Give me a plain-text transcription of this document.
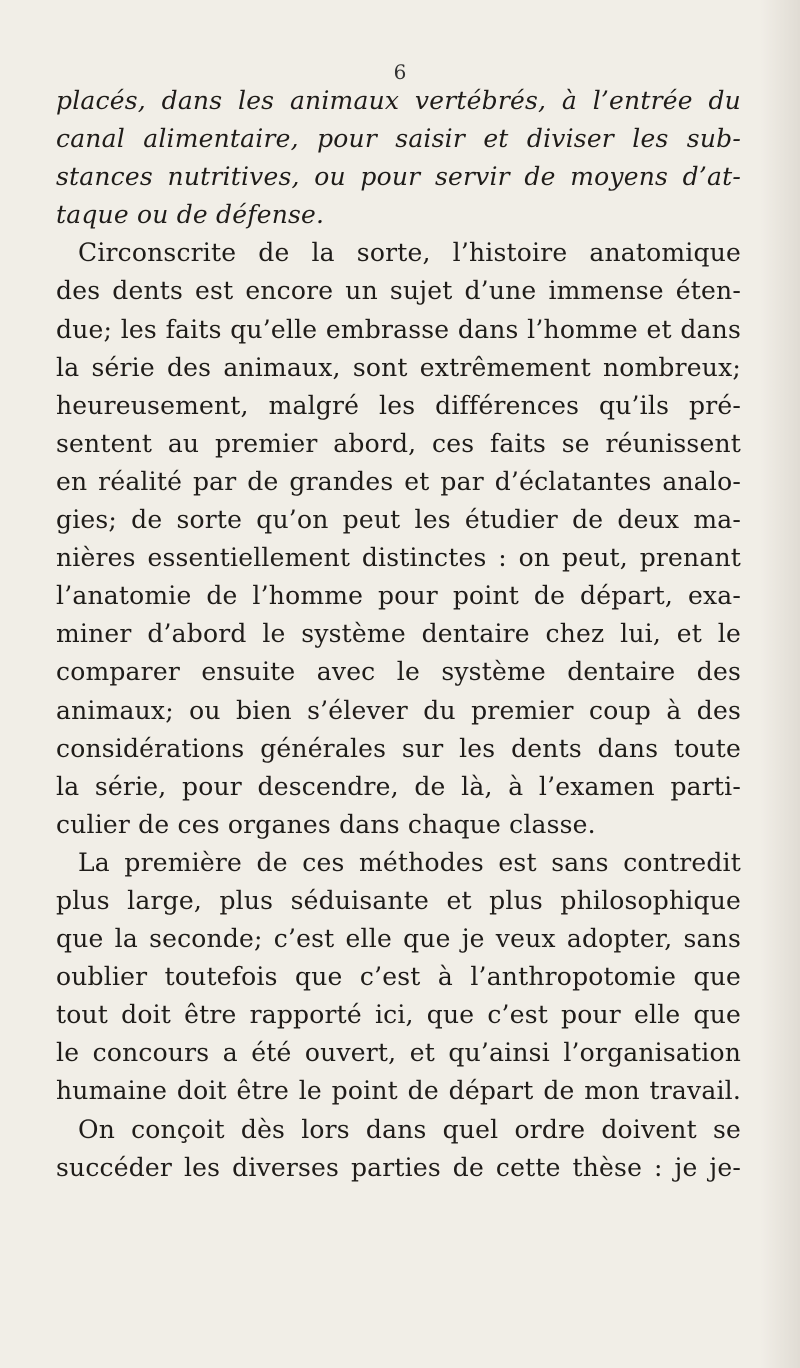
6
placés, dans les animaux vertébrés, à l’entrée du
canal alimentaire, pour saisir et diviser les sub-
stances nutritives, ou pour servir de moyens d’at-
taque ou de défense.
Circonscrite de la sorte, l’histoire anatomique
des dents est encore un sujet d’une immense éten-
due; les faits qu’elle embrasse dans l’homme et dans
la série des animaux, sont extrêmement nombreux;
heureusement, malgré les différences qu’ils pré-
sentent au premier abord, ces faits se réunissent
en réalité par de grandes et par d’éclatantes analo-
gies; de sorte qu’on peut les étudier de deux ma-
nières essentiellement distinctes : on peut, prenant
l’anatomie de l’homme pour point de départ, exa-
miner d’abord le système dentaire chez lui, et le
comparer ensuite avec le système dentaire des
animaux; ou bien s’élever du premier coup à des
considérations générales sur les dents dans toute
la série, pour descendre, de là, à l’examen parti-
culier de ces organes dans chaque classe.
La première de ces méthodes est sans contredit
plus large, plus séduisante et plus philosophique
que la seconde; c’est elle que je veux adopter, sans
oublier toutefois que c’est à l’anthropotomie que
tout doit être rapporté ici, que c’est pour elle que
le concours a été ouvert, et qu’ainsi l’organisation
humaine doit être le point de départ de mon travail.
On conçoit dès lors dans quel ordre doivent se
succéder les diverses parties de cette thèse : je je-
